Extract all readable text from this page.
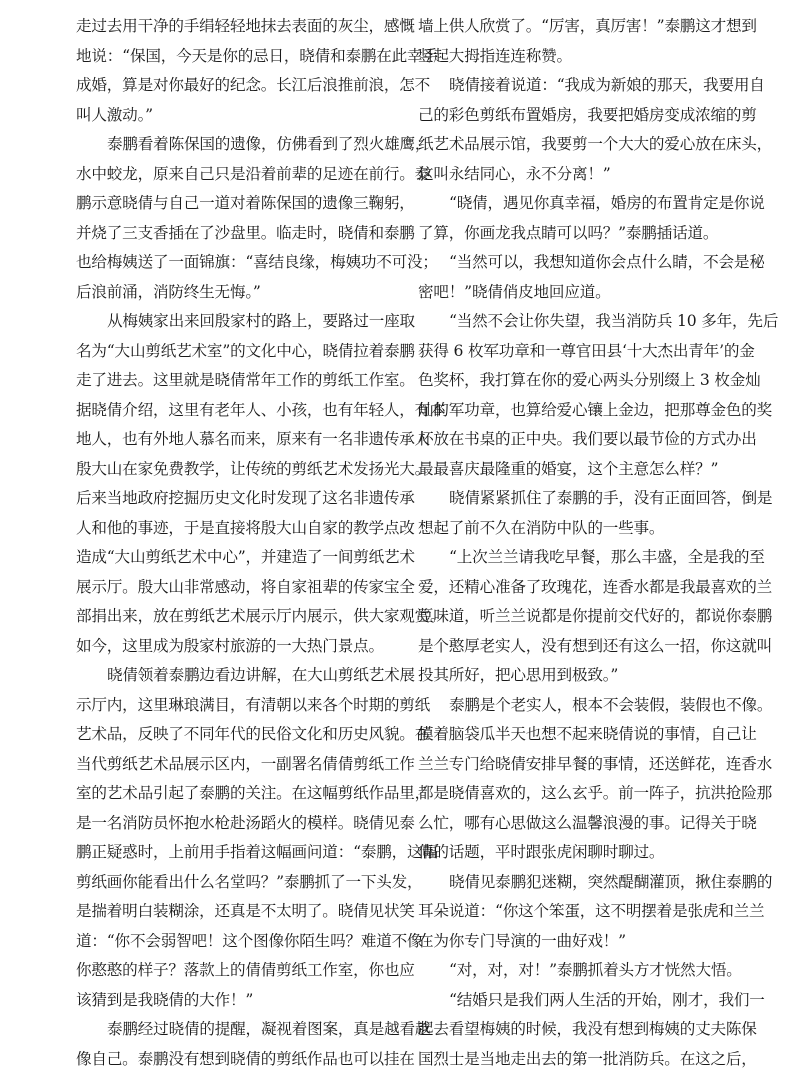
走过去用干净的手绢轻轻地抹去表面的灰尘，感慨
地说：“保国，今天是你的忌日，晓倩和泰鹏在此幸手
成婚，算是对你最好的纪念。长江后浪推前浪，怎不
叫人激动。”
泰鹏看着陈保国的遗像，仿佛看到了烈火雄鹰，
水中蛟龙，原来自己只是沿着前辈的足迹在前行。泰
鹏示意晓倩与自己一道对着陈保国的遗像三鞠躬，
并烧了三支香插在了沙盘里。临走时，晓倩和泰鹏
也给梅姨送了一面锦旗：“喜结良缘，梅姨功不可没；
后浪前涌，消防终生无悔。”
从梅姨家出来回殷家村的路上，要路过一座取
名为“大山剪纸艺术室”的文化中心，晓倩拉着泰鹏
走了进去。这里就是晓倩常年工作的剪纸工作室。
据晓倩介绍，这里有老年人、小孩，也有年轻人，有本
地人，也有外地人慕名而来，原来有一名非遗传承人
殷大山在家免费教学，让传统的剪纸艺术发扬光大。
后来当地政府挖掘历史文化时发现了这名非遗传承
人和他的事迹，于是直接将殷大山自家的教学点改
造成“大山剪纸艺术中心”，并建造了一间剪纸艺术
展示厅。殷大山非常感动，将自家祖辈的传家宝全
部捐出来，放在剪纸艺术展示厅内展示，供大家观赏。
如今，这里成为殷家村旅游的一大热门景点。
晓倩领着泰鹏边看边讲解，在大山剪纸艺术展
示厅内，这里琳琅满目，有清朝以来各个时期的剪纸
艺术品，反映了不同年代的民俗文化和历史风貌。在
当代剪纸艺术品展示区内，一副署名倩倩剪纸工作
室的艺术品引起了泰鹏的关注。在这幅剪纸作品里，
是一名消防员怀抱水枪赴汤蹈火的模样。晓倩见泰
鹏正疑惑时，上前用手指着这幅画问道：“泰鹏，这幅
剪纸画你能看出什么名堂吗？”泰鹏抓了一下头发，
是揣着明白装糊涂，还真是不太明了。晓倩见状笑
道：“你不会弱智吧！这个图像你陌生吗？难道不像
你憨憨的样子？落款上的倩倩剪纸工作室，你也应
该猜到是我晓倩的大作！”
泰鹏经过晓倩的提醒，凝视着图案，真是越看越
像自己。泰鹏没有想到晓倩的剪纸作品也可以挂在
墙上供人欣赏了。“厉害，真厉害！”泰鹏这才想到
竖起大拇指连连称赞。
晓倩接着说道：“我成为新娘的那天，我要用自
己的彩色剪纸布置婚房，我要把婚房变成浓缩的剪
纸艺术品展示馆，我要剪一个大大的爱心放在床头，
这叫永结同心，永不分离！”
“晓倩，遇见你真幸福，婚房的布置肯定是你说
了算，你画龙我点睛可以吗？”泰鹏插话道。
“当然可以，我想知道你会点什么睛，不会是秘
密吧！”晓倩俏皮地回应道。
“当然不会让你失望，我当消防兵 10 多年，先后
获得 6 枚军功章和一尊官田县‘十大杰出青年’的金
色奖杯，我打算在你的爱心两头分别缀上 3 枚金灿
灿的军功章，也算给爱心镶上金边，把那尊金色的奖
杯放在书桌的正中央。我们要以最节俭的方式办出
最最喜庆最隆重的婚宴，这个主意怎么样？”
晓倩紧紧抓住了泰鹏的手，没有正面回答，倒是
想起了前不久在消防中队的一些事。
“上次兰兰请我吃早餐，那么丰盛，全是我的至
爱，还精心准备了玫瑰花，连香水都是我最喜欢的兰
豆味道，听兰兰说都是你提前交代好的，都说你泰鹏
是个憨厚老实人，没有想到还有这么一招，你这就叫
投其所好，把心思用到极致。”
泰鹏是个老实人，根本不会装假，装假也不像。
摸着脑袋瓜半天也想不起来晓倩说的事情，自己让
兰兰专门给晓倩安排早餐的事情，还送鲜花，连香水
都是晓倩喜欢的，这么玄乎。前一阵子，抗洪抢险那
么忙，哪有心思做这么温馨浪漫的事。记得关于晓
倩的话题，平时跟张虎闲聊时聊过。
晓倩见泰鹏犯迷糊，突然醍醐灌顶，揪住泰鹏的
耳朵说道：“你这个笨蛋，这不明摆着是张虎和兰兰
在为你专门导演的一曲好戏！”
“对，对，对！”泰鹏抓着头方才恍然大悟。
“结婚只是我们两人生活的开始，刚才，我们一
起去看望梅姨的时候，我没有想到梅姨的丈夫陈保
国烈士是当地走出去的第一批消防兵。在这之后，
